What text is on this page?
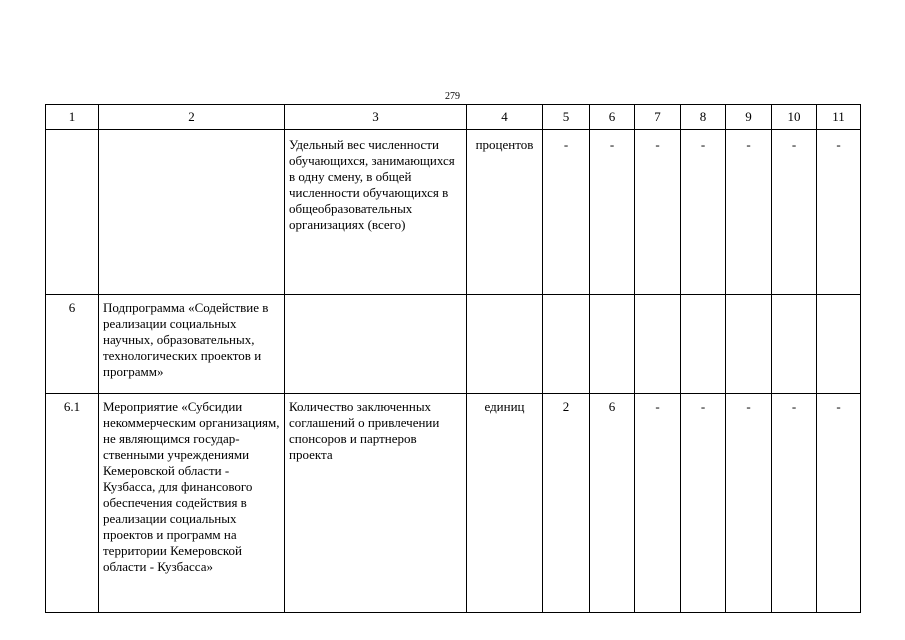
279
1	2	3	4	5	6	7	8	9	10	11
		Удельный вес численности обучающихся, занимающихся в одну смену, в общей численности обучающихся в общеобразовательных организациях (всего)	процентов	-	-	-	-	-	-	-
6	Подпрограмма «Содействие в реализации социальных научных, образовательных, технологических проектов и программ»									
6.1	Мероприятие «Субсидии некоммерческим организациям, не являющимся государ-ственными учреждениями Кемеровской области - Кузбасса, для финансового обеспечения содействия в реализации социальных проектов и программ на территории Кемеровской области - Кузбасса»	Количество заключенных соглашений о привлечении спонсоров и партнеров проекта	единиц	2	6	-	-	-	-	-
